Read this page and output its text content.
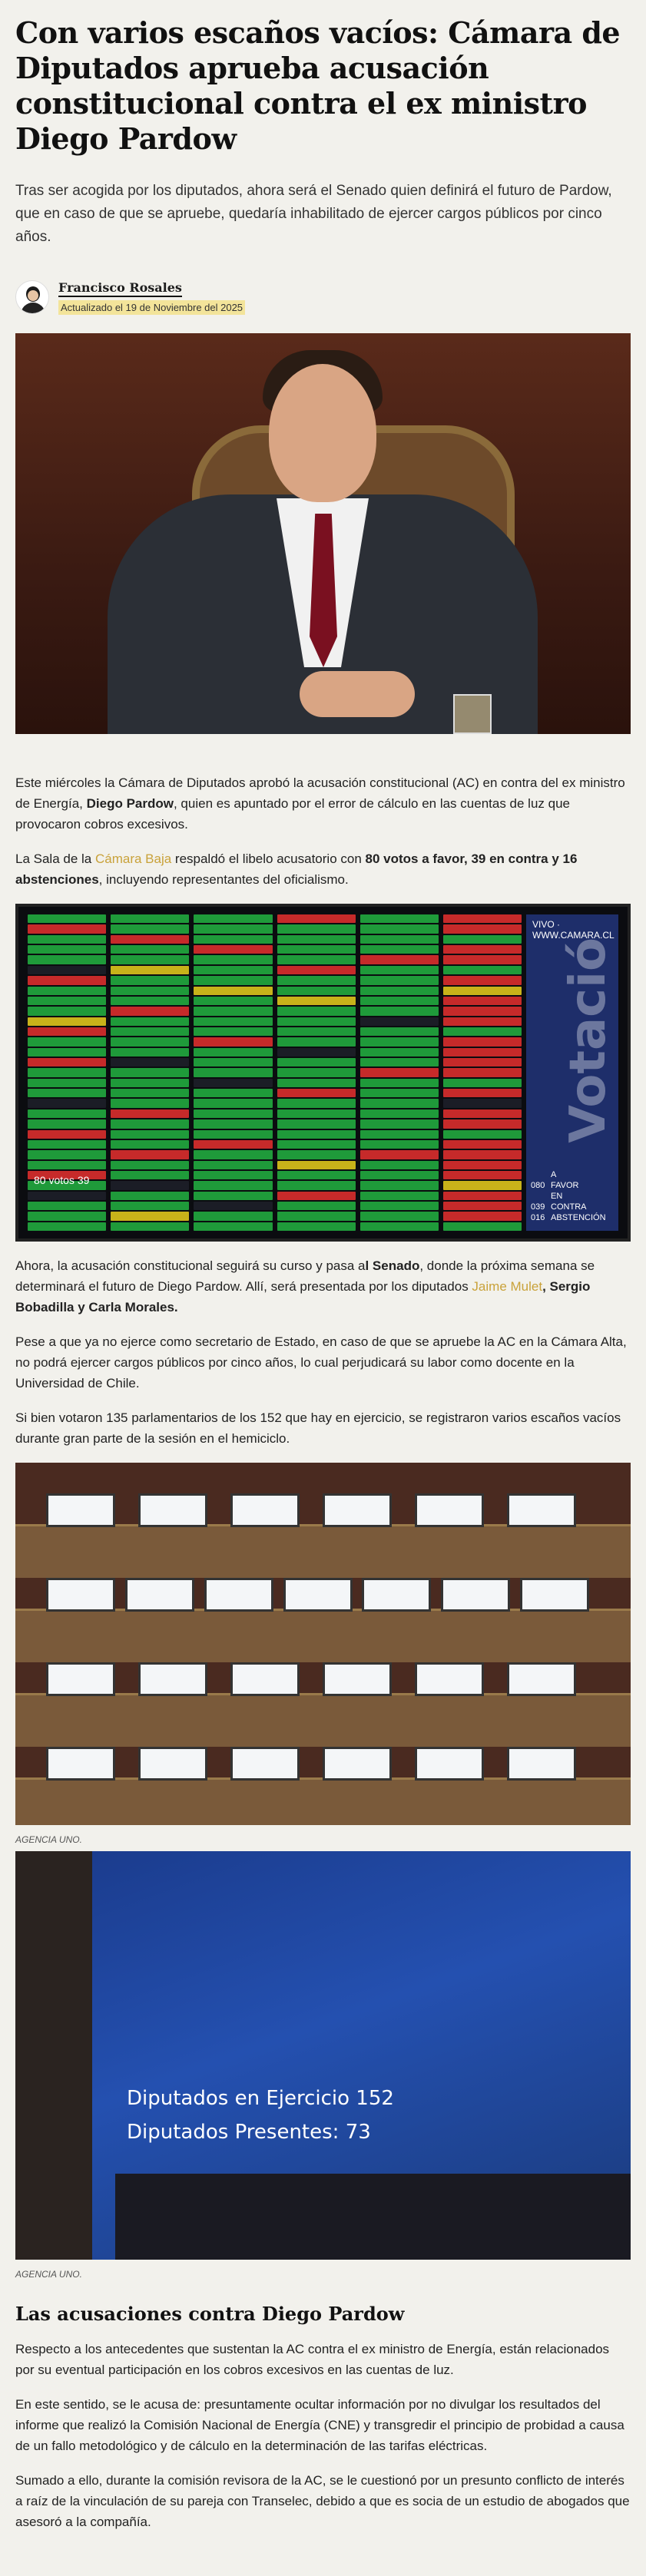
Con varios escaños vacíos: Cámara de Diputados aprueba acusación constitucional contra el ex ministro Diego Pardow

Tras ser acogida por los diputados, ahora será el Senado quien definirá el futuro de Pardow, que en caso de que se apruebe, quedaría inhabilitado de ejercer cargos públicos por cinco años.

Francisco Rosales
Actualizado el 19 de Noviembre del 2025

Este miércoles la Cámara de Diputados aprobó la acusación constitucional (AC) en contra del ex ministro de Energía, Diego Pardow, quien es apuntado por el error de cálculo en las cuentas de luz que provocaron cobros excesivos.

La Sala de la Cámara Baja respaldó el libelo acusatorio con 80 votos a favor, 39 en contra y 16 abstenciones, incluyendo representantes del oficialismo.

VIVO · WWW.CAMARA.CL
Votació
080A FAVOR
039EN CONTRA
016 ABSTENCIÓN
80 votos 39

Ahora, la acusación constitucional seguirá su curso y pasa al Senado, donde la próxima semana se determinará el futuro de Diego Pardow. Allí, será presentada por los diputados Jaime Mulet, Sergio Bobadilla y Carla Morales.

Pese a que ya no ejerce como secretario de Estado, en caso de que se apruebe la AC en la Cámara Alta, no podrá ejercer cargos públicos por cinco años, lo cual perjudicará su labor como docente en la Universidad de Chile.

Si bien votaron 135 parlamentarios de los 152 que hay en ejercicio, se registraron varios escaños vacíos durante gran parte de la sesión en el hemiciclo.

AGENCIA UNO.
Diputados en Ejercicio 152
Diputados Presentes: 73
AGENCIA UNO.
Las acusaciones contra Diego Pardow

Respecto a los antecedentes que sustentan la AC contra el ex ministro de Energía, están relacionados por su eventual participación en los cobros excesivos en las cuentas de luz.

En este sentido, se le acusa de: presuntamente ocultar información por no divulgar los resultados del informe que realizó la Comisión Nacional de Energía (CNE) y transgredir el principio de probidad a causa de un fallo metodológico y de cálculo en la determinación de las tarifas eléctricas.

Sumado a ello, durante la comisión revisora de la AC, se le cuestionó por un presunto conflicto de interés a raíz de la vinculación de su pareja con Transelec, debido a que es socia de un estudio de abogados que asesoró a la compañía.
